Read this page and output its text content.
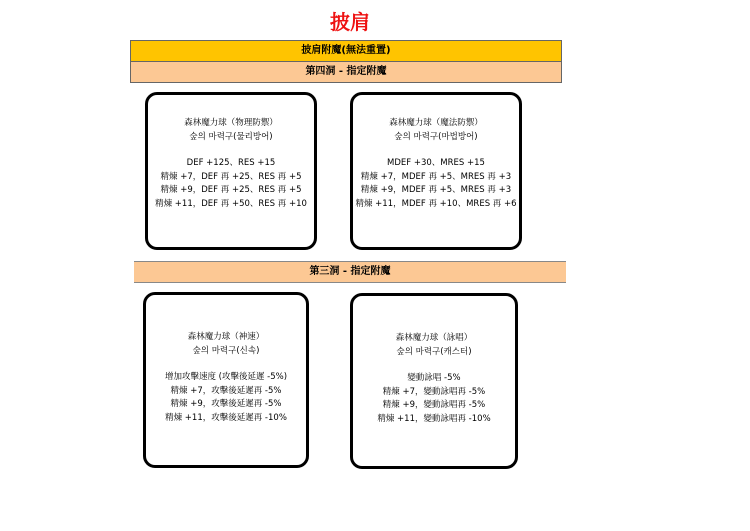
披肩
披肩附魔(無法重置)
第四洞 - 指定附魔
森林魔力球（物理防禦）
숲의 마력구(물리방어)
DEF +125、RES +15
精煉 +7，DEF 再 +25、RES 再 +5
精煉 +9，DEF 再 +25、RES 再 +5
精煉 +11，DEF 再 +50、RES 再 +10
森林魔力球（魔法防禦）
숲의 마력구(마법방어)
MDEF +30、MRES +15
精煉 +7，MDEF 再 +5、MRES 再 +3
精煉 +9，MDEF 再 +5、MRES 再 +3
精煉 +11，MDEF 再 +10、MRES 再 +6
第三洞 - 指定附魔
森林魔力球（神速）
숲의 마력구(신속)
增加攻擊速度 (攻擊後延遲 -5%)
精煉 +7，攻擊後延遲再 -5%
精煉 +9，攻擊後延遲再 -5%
精煉 +11，攻擊後延遲再 -10%
森林魔力球（詠唱）
숲의 마력구(캐스터)
變動詠唱 -5%
精煉 +7，變動詠唱再 -5%
精煉 +9，變動詠唱再 -5%
精煉 +11，變動詠唱再 -10%
